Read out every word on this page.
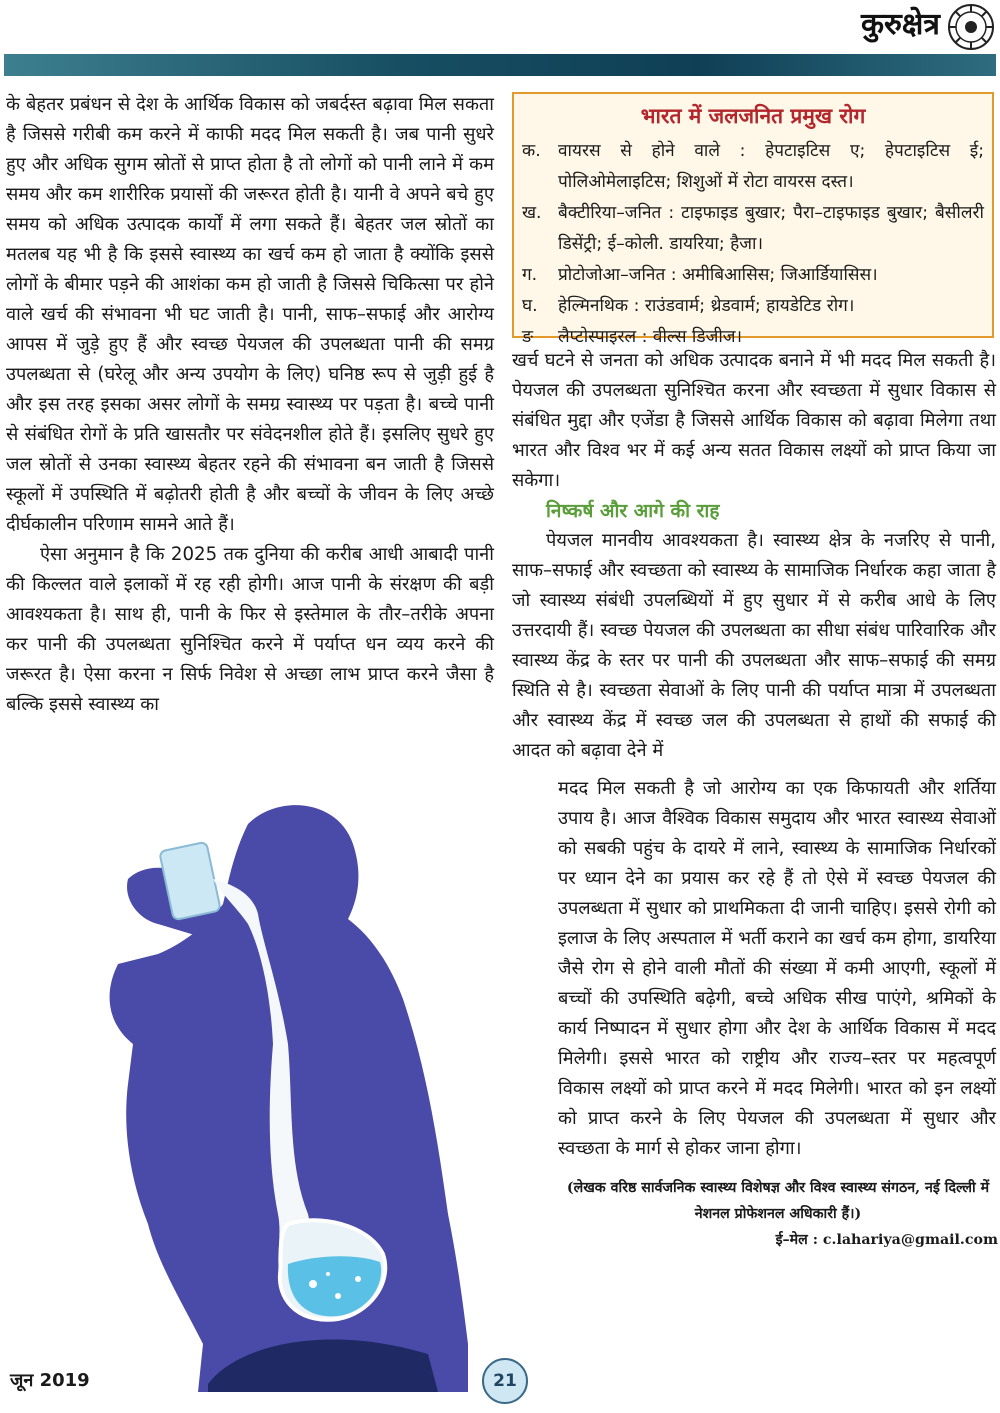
कुरुक्षेत्र

के बेहतर प्रबंधन से देश के आर्थिक विकास को जबर्दस्त बढ़ावा मिल सकता है जिससे गरीबी कम करने में काफी मदद मिल सकती है। जब पानी सुधरे हुए और अधिक सुगम स्रोतों से प्राप्त होता है तो लोगों को पानी लाने में कम समय और कम शारीरिक प्रयासों की जरूरत होती है। यानी वे अपने बचे हुए समय को अधिक उत्पादक कार्यों में लगा सकते हैं। बेहतर जल स्रोतों का मतलब यह भी है कि इससे स्वास्थ्य का खर्च कम हो जाता है क्योंकि इससे लोगों के बीमार पड़ने की आशंका कम हो जाती है जिससे चिकित्सा पर होने वाले खर्च की संभावना भी घट जाती है। पानी, साफ–सफाई और आरोग्य आपस में जुड़े हुए हैं और स्वच्छ पेयजल की उपलब्धता पानी की समग्र उपलब्धता से (घरेलू और अन्य उपयोग के लिए) घनिष्ठ रूप से जुड़ी हुई है और इस तरह इसका असर लोगों के समग्र स्वास्थ्य पर पड़ता है। बच्चे पानी से संबंधित रोगों के प्रति खासतौर पर संवेदनशील होते हैं। इसलिए सुधरे हुए जल स्रोतों से उनका स्वास्थ्य बेहतर रहने की संभावना बन जाती है जिससे स्कूलों में उपस्थिति में बढ़ोतरी होती है और बच्चों के जीवन के लिए अच्छे दीर्घकालीन परिणाम सामने आते हैं।

ऐसा अनुमान है कि 2025 तक दुनिया की करीब आधी आबादी पानी की किल्लत वाले इलाकों में रह रही होगी। आज पानी के संरक्षण की बड़ी आवश्यकता है। साथ ही, पानी के फिर से इस्तेमाल के तौर–तरीके अपना कर पानी की उपलब्धता सुनिश्चित करने में पर्याप्त धन व्यय करने की जरूरत है। ऐसा करना न सिर्फ निवेश से अच्छा लाभ प्राप्त करने जैसा है बल्कि इससे स्वास्थ्य का

भारत में जलजनित प्रमुख रोग
क.	वायरस से होने वाले : हेपटाइटिस ए; हेपटाइटिस ई; पोलिओमेलाइटिस; शिशुओं में रोटा वायरस दस्त।
ख. बैक्टीरिया–जनित : टाइफाइड बुखार; पैरा–टाइफाइड बुखार; बैसीलरी डिसेंट्री; ई–कोली. डायरिया; हैजा।
ग.	प्रोटोजोआ–जनित : अमीबिआसिस; जिआर्डियासिस।
घ.	हेल्मिनथिक : राउंडवार्म; थ्रेडवार्म; हायडेटिड रोग।
ङ	लैप्टोस्पाइरल : वील्स डिजीज।

खर्च घटने से जनता को अधिक उत्पादक बनाने में भी मदद मिल सकती है। पेयजल की उपलब्धता सुनिश्चित करना और स्वच्छता में सुधार विकास से संबंधित मुद्दा और एजेंडा है जिससे आर्थिक विकास को बढ़ावा मिलेगा तथा भारत और विश्व भर में कई अन्य सतत विकास लक्ष्यों को प्राप्त किया जा सकेगा।

निष्कर्ष और आगे की राह

पेयजल मानवीय आवश्यकता है। स्वास्थ्य क्षेत्र के नजरिए से पानी, साफ–सफाई और स्वच्छता को स्वास्थ्य के सामाजिक निर्धारक कहा जाता है जो स्वास्थ्य संबंधी उपलब्धियों में हुए सुधार में से करीब आधे के लिए उत्तरदायी हैं। स्वच्छ पेयजल की उपलब्धता का सीधा संबंध पारिवारिक और स्वास्थ्य केंद्र के स्तर पर पानी की उपलब्धता और साफ–सफाई की समग्र स्थिति से है। स्वच्छता सेवाओं के लिए पानी की पर्याप्त मात्रा में उपलब्धता और स्वास्थ्य केंद्र में स्वच्छ जल की उपलब्धता से हाथों की सफाई की आदत को बढ़ावा देने में

मदद मिल सकती है जो आरोग्य का एक किफायती और शर्तिया उपाय है। आज वैश्विक विकास समुदाय और भारत स्वास्थ्य सेवाओं को सबकी पहुंच के दायरे में लाने, स्वास्थ्य के सामाजिक निर्धारकों पर ध्यान देने का प्रयास कर रहे हैं तो ऐसे में स्वच्छ पेयजल की उपलब्धता में सुधार को प्राथमिकता दी जानी चाहिए। इससे रोगी को इलाज के लिए अस्पताल में भर्ती कराने का खर्च कम होगा, डायरिया जैसे रोग से होने वाली मौतों की संख्या में कमी आएगी, स्कूलों में बच्चों की उपस्थिति बढ़ेगी, बच्चे अधिक सीख पाएंगे, श्रमिकों के कार्य निष्पादन में सुधार होगा और देश के आर्थिक विकास में मदद मिलेगी। इससे भारत को राष्ट्रीय और राज्य–स्तर पर महत्वपूर्ण विकास लक्ष्यों को प्राप्त करने में मदद मिलेगी। भारत को इन लक्ष्यों को प्राप्त करने के लिए पेयजल की उपलब्धता में सुधार और स्वच्छता के मार्ग से होकर जाना होगा।

(लेखक वरिष्ठ सार्वजनिक स्वास्थ्य विशेषज्ञ और विश्व स्वास्थ्य संगठन, नई दिल्ली में नेशनल प्रोफेशनल अधिकारी हैं।)
ई–मेल : c.lahariya@gmail.com
जून 2019	21
